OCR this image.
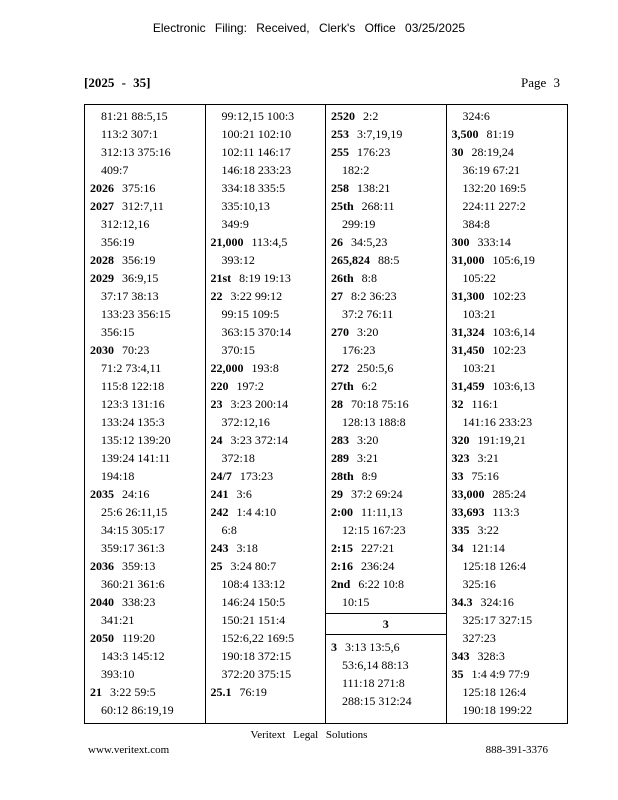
Electronic Filing: Received, Clerk's Office 03/25/2025
[2025 - 35]	Page 3
81:21 88:5,15
113:2 307:1
312:13 375:16
409:7
2026 375:16
2027 312:7,11
312:12,16
356:19
2028 356:19
2029 36:9,15
37:17 38:13
133:23 356:15
356:15
2030 70:23
71:2 73:4,11
115:8 122:18
123:3 131:16
133:24 135:3
135:12 139:20
139:24 141:11
194:18
2035 24:16
25:6 26:11,15
34:15 305:17
359:17 361:3
2036 359:13
360:21 361:6
2040 338:23
341:21
2050 119:20
143:3 145:12
393:10
21 3:22 59:5
60:12 86:19,19
99:12,15 100:3
100:21 102:10
102:11 146:17
146:18 233:23
334:18 335:5
335:10,13
349:9
21,000 113:4,5
393:12
21st 8:19 19:13
22 3:22 99:12
99:15 109:5
363:15 370:14
370:15
22,000 193:8
220 197:2
23 3:23 200:14
372:12,16
24 3:23 372:14
372:18
24/7 173:23
241 3:6
242 1:4 4:10
6:8
243 3:18
25 3:24 80:7
108:4 133:12
146:24 150:5
150:21 151:4
152:6,22 169:5
190:18 372:15
372:20 375:15
25.1 76:19
2520 2:2
253 3:7,19,19
255 176:23
182:2
258 138:21
25th 268:11
299:19
26 34:5,23
265,824 88:5
26th 8:8
27 8:2 36:23
37:2 76:11
270 3:20
176:23
272 250:5,6
27th 6:2
28 70:18 75:16
128:13 188:8
283 3:20
289 3:21
28th 8:9
29 37:2 69:24
2:00 11:11,13
12:15 167:23
2:15 227:21
2:16 236:24
2nd 6:22 10:8
10:15
3
3 3:13 13:5,6
53:6,14 88:13
111:18 271:8
288:15 312:24
324:6
3,500 81:19
30 28:19,24
36:19 67:21
132:20 169:5
224:11 227:2
384:8
300 333:14
31,000 105:6,19
105:22
31,300 102:23
103:21
31,324 103:6,14
31,450 102:23
103:21
31,459 103:6,13
32 116:1
141:16 233:23
320 191:19,21
323 3:21
33 75:16
33,000 285:24
33,693 113:3
335 3:22
34 121:14
125:18 126:4
325:16
34.3 324:16
325:17 327:15
327:23
343 328:3
35 1:4 4:9 77:9
125:18 126:4
190:18 199:22
Veritext Legal Solutions
www.veritext.com	888-391-3376
